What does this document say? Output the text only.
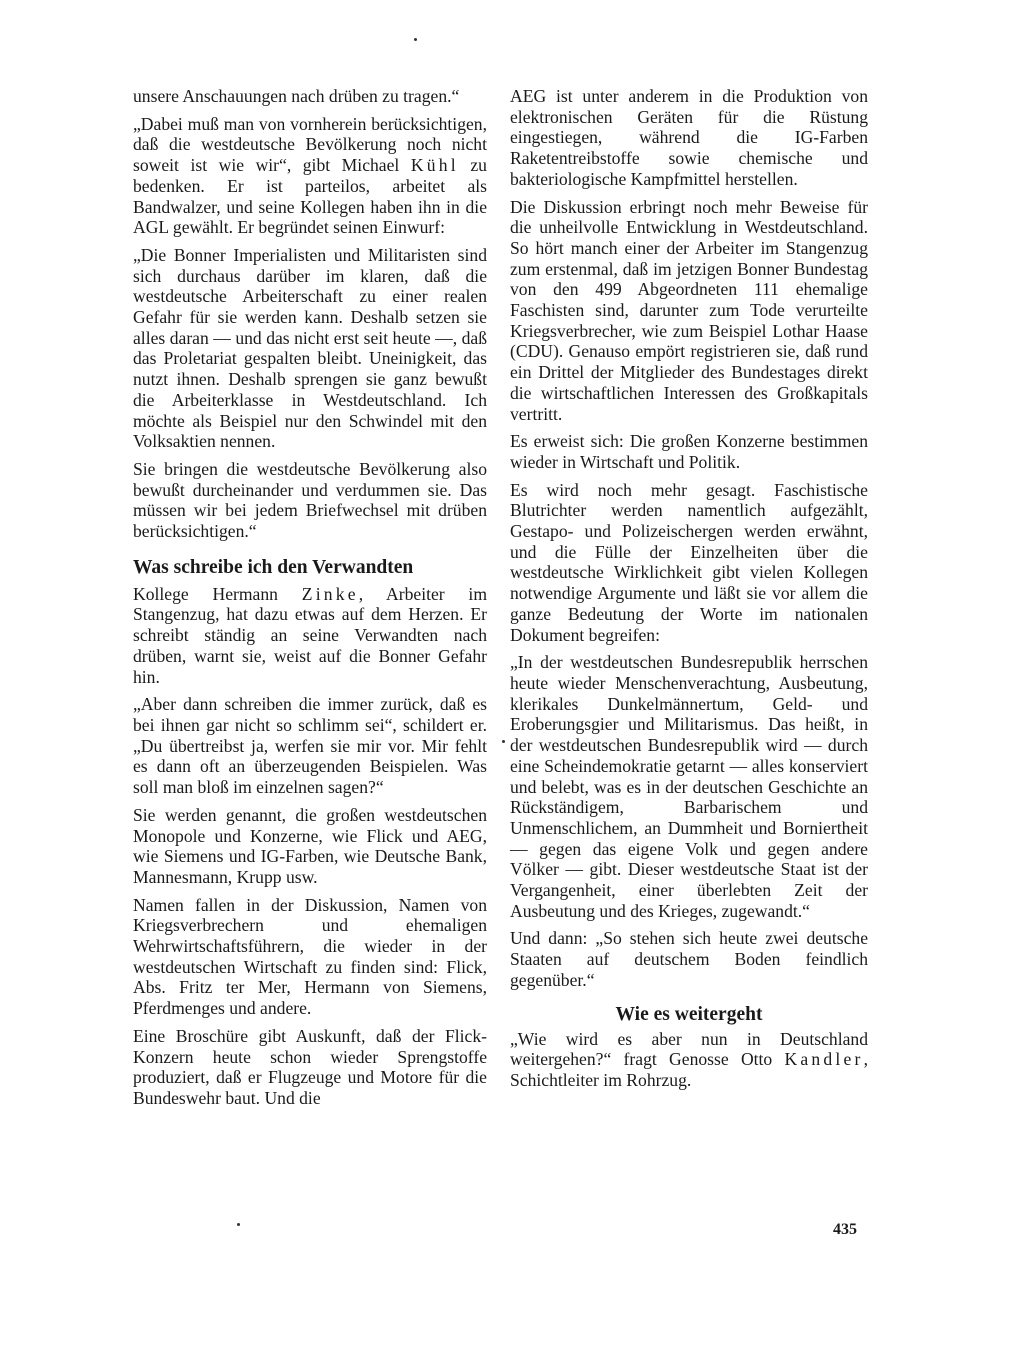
unsere Anschauungen nach drüben zu tragen.“

„Dabei muß man von vornherein berücksichtigen, daß die westdeutsche Bevölkerung noch nicht soweit ist wie wir“, gibt Michael Kühl zu bedenken. Er ist parteilos, arbeitet als Bandwalzer, und seine Kollegen haben ihn in die AGL gewählt. Er begründet seinen Einwurf:

„Die Bonner Imperialisten und Militaristen sind sich durchaus darüber im klaren, daß die westdeutsche Arbeiterschaft zu einer realen Gefahr für sie werden kann. Deshalb setzen sie alles daran — und das nicht erst seit heute —, daß das Proletariat gespalten bleibt. Uneinigkeit, das nutzt ihnen. Deshalb sprengen sie ganz bewußt die Arbeiterklasse in Westdeutschland. Ich möchte als Beispiel nur den Schwindel mit den Volksaktien nennen.

Sie bringen die westdeutsche Bevölkerung also bewußt durcheinander und verdummen sie. Das müssen wir bei jedem Briefwechsel mit drüben berücksichtigen.“

Was schreibe ich den Verwandten

Kollege Hermann Zinke, Arbeiter im Stangenzug, hat dazu etwas auf dem Herzen. Er schreibt ständig an seine Verwandten nach drüben, warnt sie, weist auf die Bonner Gefahr hin.

„Aber dann schreiben die immer zurück, daß es bei ihnen gar nicht so schlimm sei“, schildert er. „Du übertreibst ja, werfen sie mir vor. Mir fehlt es dann oft an überzeugenden Beispielen. Was soll man bloß im einzelnen sagen?“

Sie werden genannt, die großen westdeutschen Monopole und Konzerne, wie Flick und AEG, wie Siemens und IG-Farben, wie Deutsche Bank, Mannesmann, Krupp usw.

Namen fallen in der Diskussion, Namen von Kriegsverbrechern und ehemaligen Wehrwirtschaftsführern, die wieder in der westdeutschen Wirtschaft zu finden sind: Flick, Abs. Fritz ter Mer, Hermann von Siemens, Pferdmenges und andere.

Eine Broschüre gibt Auskunft, daß der Flick-Konzern heute schon wieder Sprengstoffe produziert, daß er Flugzeuge und Motore für die Bundeswehr baut. Und die

AEG ist unter anderem in die Produktion von elektronischen Geräten für die Rüstung eingestiegen, während die IG-Farben Raketentreibstoffe sowie chemische und bakteriologische Kampfmittel herstellen.

Die Diskussion erbringt noch mehr Beweise für die unheilvolle Entwicklung in Westdeutschland. So hört manch einer der Arbeiter im Stangenzug zum erstenmal, daß im jetzigen Bonner Bundestag von den 499 Abgeordneten 111 ehemalige Faschisten sind, darunter zum Tode verurteilte Kriegsverbrecher, wie zum Beispiel Lothar Haase (CDU). Genauso empört registrieren sie, daß rund ein Drittel der Mitglieder des Bundestages direkt die wirtschaftlichen Interessen des Großkapitals vertritt.

Es erweist sich: Die großen Konzerne bestimmen wieder in Wirtschaft und Politik.

Es wird noch mehr gesagt. Faschistische Blutrichter werden namentlich aufgezählt, Gestapo- und Polizeischergen werden erwähnt, und die Fülle der Einzelheiten über die westdeutsche Wirklichkeit gibt vielen Kollegen notwendige Argumente und läßt sie vor allem die ganze Bedeutung der Worte im nationalen Dokument begreifen:

„In der westdeutschen Bundesrepublik herrschen heute wieder Menschenverachtung, Ausbeutung, klerikales Dunkelmännertum, Geld- und Eroberungsgier und Militarismus. Das heißt, in der westdeutschen Bundesrepublik wird — durch eine Scheindemokratie getarnt — alles konserviert und belebt, was es in der deutschen Geschichte an Rückständigem, Barbarischem und Unmenschlichem, an Dummheit und Borniertheit — gegen das eigene Volk und gegen andere Völker — gibt. Dieser westdeutsche Staat ist der Vergangenheit, einer überlebten Zeit der Ausbeutung und des Krieges, zugewandt.“

Und dann: „So stehen sich heute zwei deutsche Staaten auf deutschem Boden feindlich gegenüber.“

Wie es weitergeht

„Wie wird es aber nun in Deutschland weitergehen?“ fragt Genosse Otto Kandler, Schichtleiter im Rohrzug.

435
